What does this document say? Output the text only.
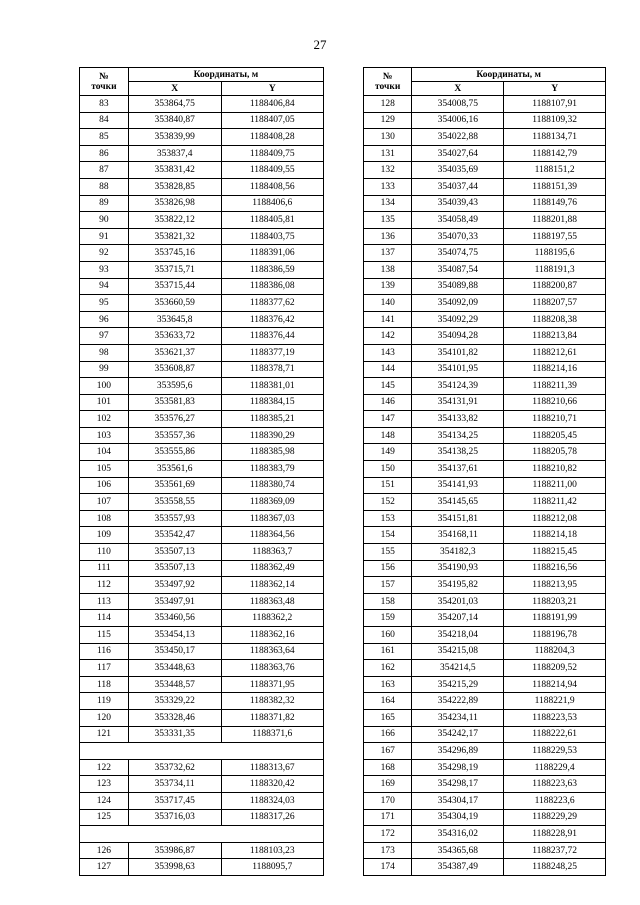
27
№
точки	Координаты, м	
	X	Y
83	353864,75	1188406,84
84	353840,87	1188407,05
85	353839,99	1188408,28
86	353837,4	1188409,75
87	353831,42	1188409,55
88	353828,85	1188408,56
89	353826,98	1188406,6
90	353822,12	1188405,81
91	353821,32	1188403,75
92	353745,16	1188391,06
93	353715,71	1188386,59
94	353715,44	1188386,08
95	353660,59	1188377,62
96	353645,8	1188376,42
97	353633,72	1188376,44
98	353621,37	1188377,19
99	353608,87	1188378,71
100	353595,6	1188381,01
101	353581,83	1188384,15
102	353576,27	1188385,21
103	353557,36	1188390,29
104	353555,86	1188385,98
105	353561,6	1188383,79
106	353561,69	1188380,74
107	353558,55	1188369,09
108	353557,93	1188367,03
109	353542,47	1188364,56
110	353507,13	1188363,7
111	353507,13	1188362,49
112	353497,92	1188362,14
113	353497,91	1188363,48
114	353460,56	1188362,2
115	353454,13	1188362,16
116	353450,17	1188363,64
117	353448,63	1188363,76
118	353448,57	1188371,95
119	353329,22	1188382,32
120	353328,46	1188371,82
121	353331,35	1188371,6

122	353732,62	1188313,67
123	353734,11	1188320,42
124	353717,45	1188324,03
125	353716,03	1188317,26

126	353986,87	1188103,23
127	353998,63	1188095,7
№
точки	Координаты, м	
	X	Y
128	354008,75	1188107,91
129	354006,16	1188109,32
130	354022,88	1188134,71
131	354027,64	1188142,79
132	354035,69	1188151,2
133	354037,44	1188151,39
134	354039,43	1188149,76
135	354058,49	1188201,88
136	354070,33	1188197,55
137	354074,75	1188195,6
138	354087,54	1188191,3
139	354089,88	1188200,87
140	354092,09	1188207,57
141	354092,29	1188208,38
142	354094,28	1188213,84
143	354101,82	1188212,61
144	354101,95	1188214,16
145	354124,39	1188211,39
146	354131,91	1188210,66
147	354133,82	1188210,71
148	354134,25	1188205,45
149	354138,25	1188205,78
150	354137,61	1188210,82
151	354141,93	1188211,00
152	354145,65	1188211,42
153	354151,81	1188212,08
154	354168,11	1188214,18
155	354182,3	1188215,45
156	354190,93	1188216,56
157	354195,82	1188213,95
158	354201,03	1188203,21
159	354207,14	1188191,99
160	354218,04	1188196,78
161	354215,08	1188204,3
162	354214,5	1188209,52
163	354215,29	1188214,94
164	354222,89	1188221,9
165	354234,11	1188223,53
166	354242,17	1188222,61
167	354296,89	1188229,53
168	354298,19	1188229,4
169	354298,17	1188223,63
170	354304,17	1188223,6
171	354304,19	1188229,29
172	354316,02	1188228,91
173	354365,68	1188237,72
174	354387,49	1188248,25
